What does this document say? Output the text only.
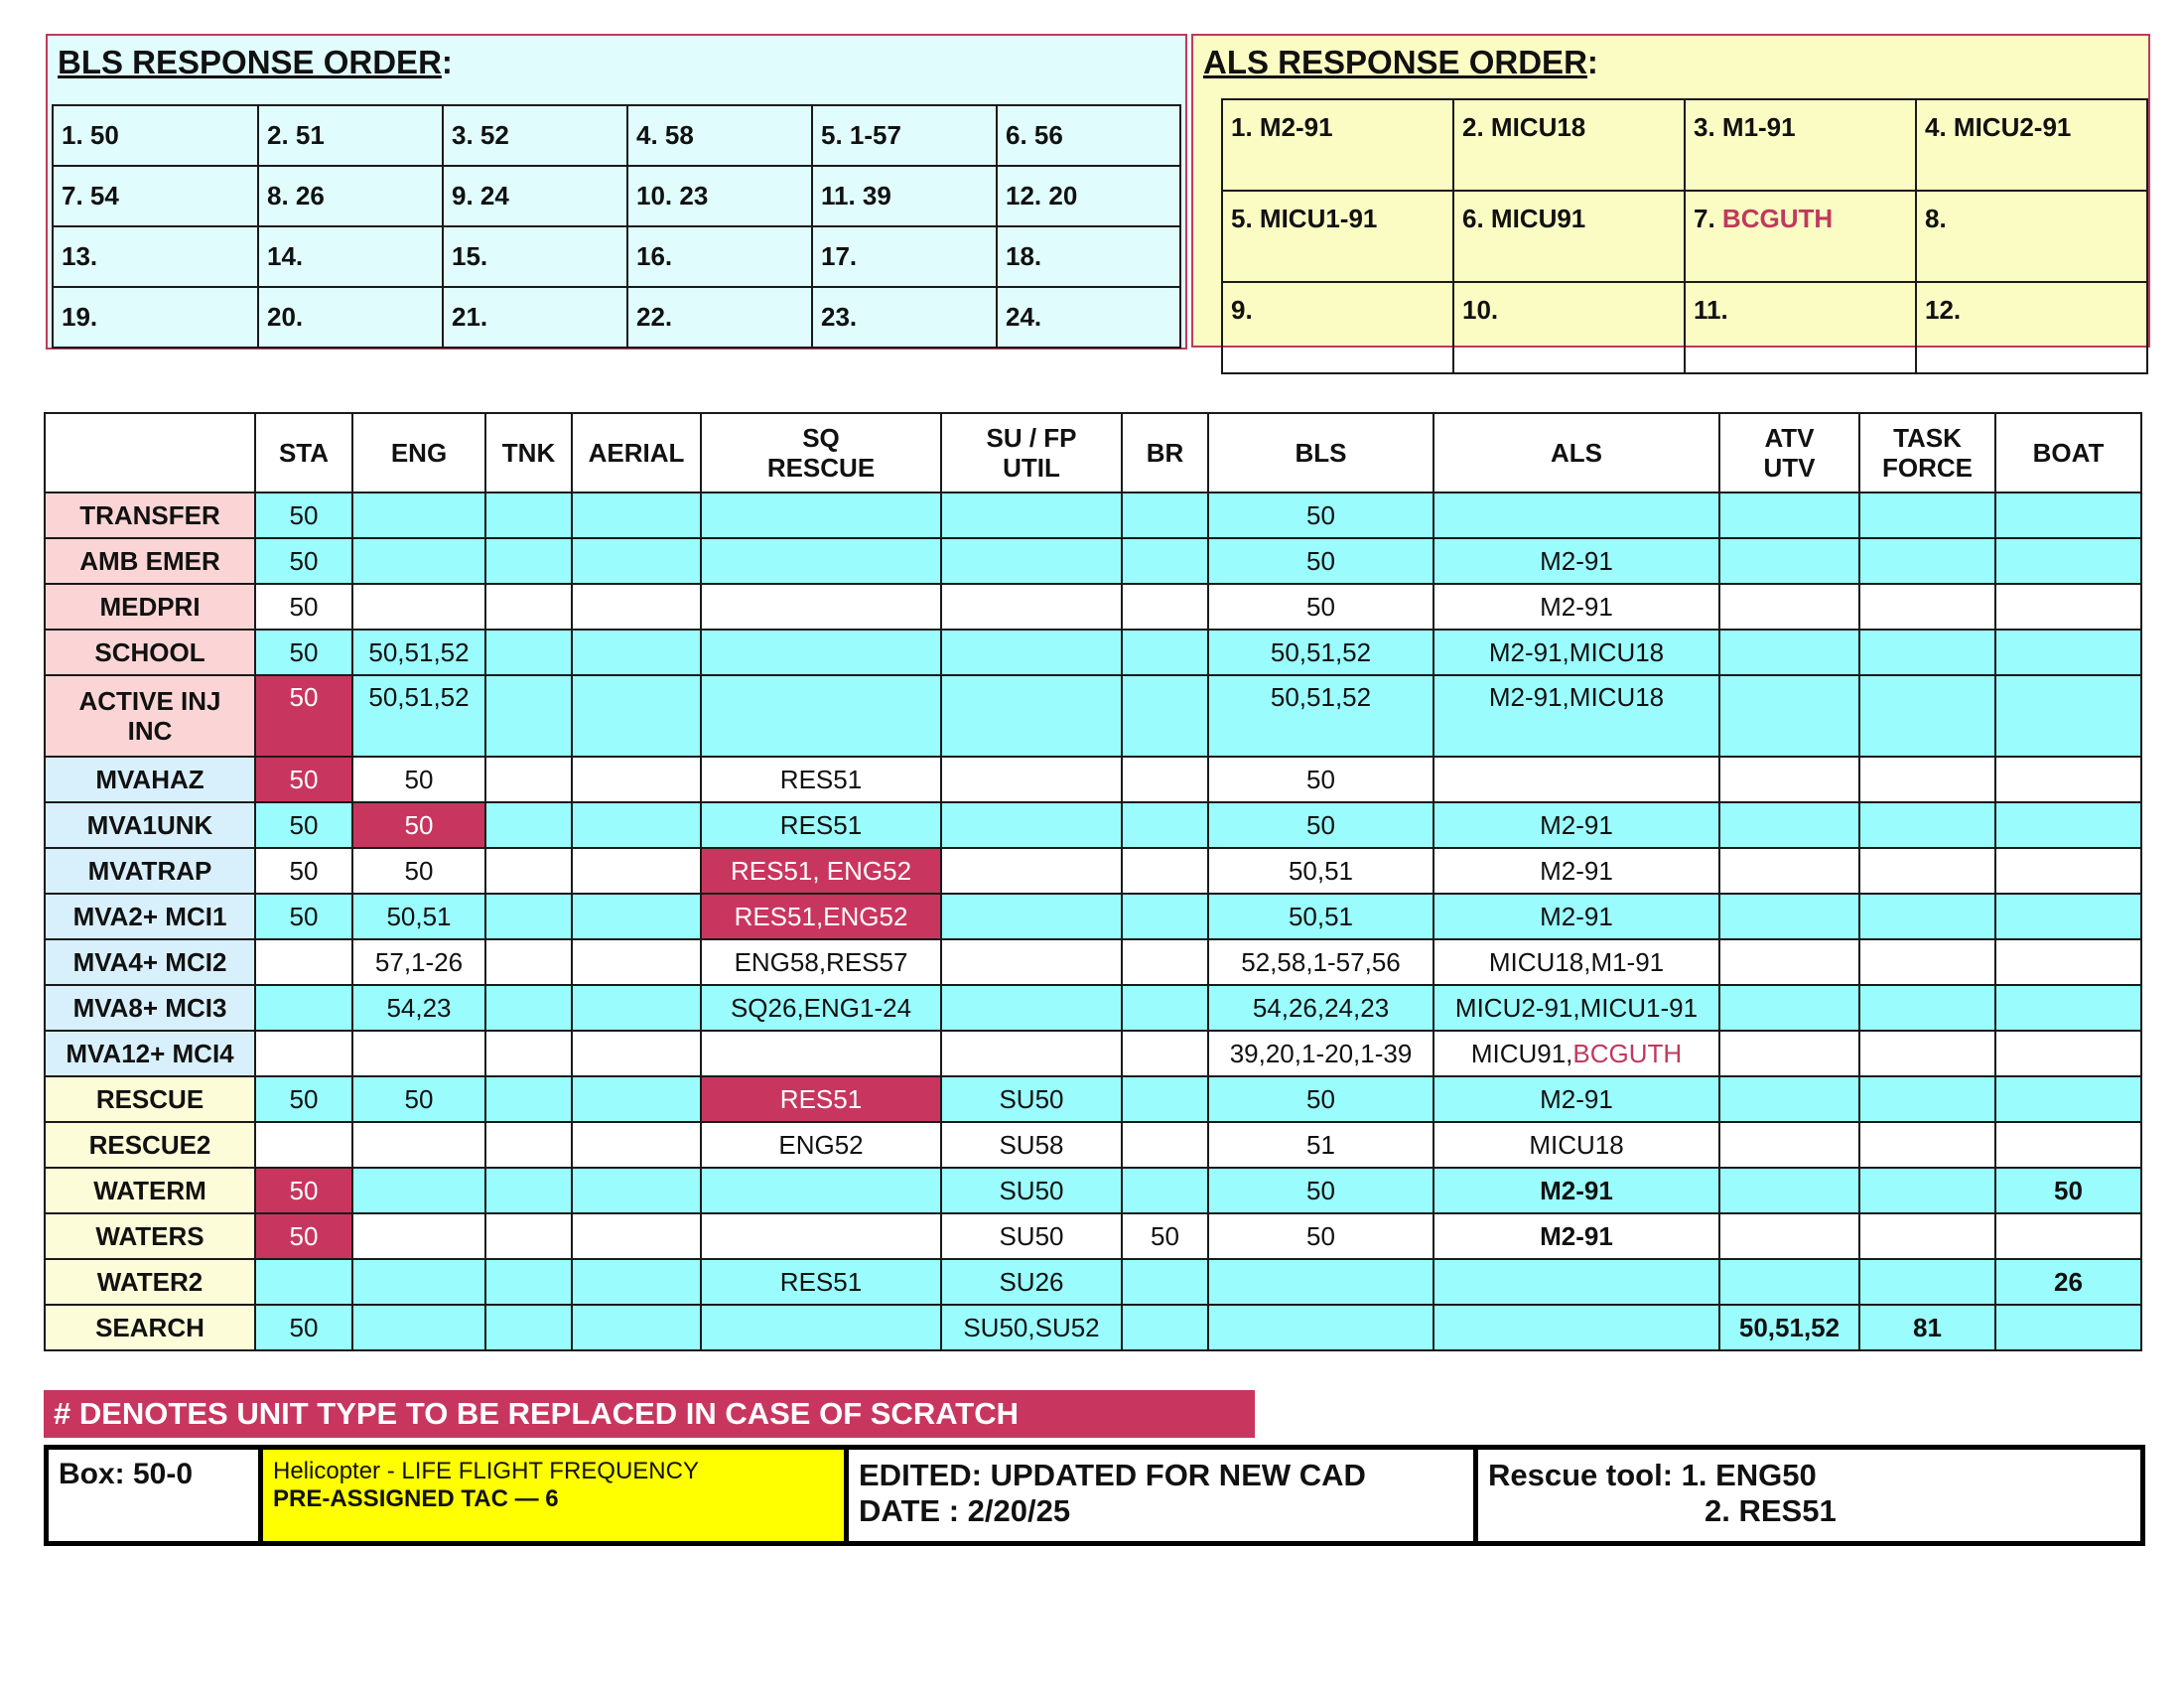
BLS RESPONSE ORDER:
1. 50	2. 51	3. 52	4. 58	5. 1-57	6. 56
7. 54	8. 26	9. 24	10. 23	11. 39	12. 20
13.	14.	15.	16.	17.	18.
19.	20.	21.	22.	23.	24.
ALS RESPONSE ORDER:
1. M2-91	2. MICU18	3. M1-91	4. MICU2-91
5. MICU1-91	6. MICU91	7. BCGUTH	8.
9.	10.	11.	12.
	STA	ENG	TNK	AERIAL	SQ
RESCUE	SU / FP
UTIL	BR	BLS	ALS	ATV
UTV	TASK
FORCE	BOAT
TRANSFER	50							50				
AMB EMER	50							50	M2-91			
MEDPRI	50							50	M2-91			
SCHOOL	50	50,51,52						50,51,52	M2-91,MICU18			
ACTIVE INJ
INC	50	50,51,52						50,51,52	M2-91,MICU18			
MVAHAZ	50	50			RES51			50				
MVA1UNK	50	50			RES51			50	M2-91			
MVATRAP	50	50			RES51, ENG52			50,51	M2-91			
MVA2+ MCI1	50	50,51			RES51,ENG52			50,51	M2-91			
MVA4+ MCI2		57,1-26			ENG58,RES57			52,58,1-57,56	MICU18,M1-91			
MVA8+ MCI3		54,23			SQ26,ENG1-24			54,26,24,23	MICU2-91,MICU1-91			
MVA12+ MCI4								39,20,1-20,1-39	MICU91,BCGUTH			
RESCUE	50	50			RES51	SU50		50	M2-91			
RESCUE2					ENG52	SU58		51	MICU18			
WATERM	50					SU50		50	M2-91			50
WATERS	50					SU50	50	50	M2-91			
WATER2					RES51	SU26						26
SEARCH	50					SU50,SU52				50,51,52	81	
# DENOTES UNIT TYPE TO BE REPLACED IN CASE OF SCRATCH
Box: 50-0	Helicopter - LIFE FLIGHT FREQUENCY
PRE-ASSIGNED TAC — 6

EDITED: UPDATED FOR NEW CAD
DATE : 2/20/25

Rescue tool: 1. ENG50
2. RES51
